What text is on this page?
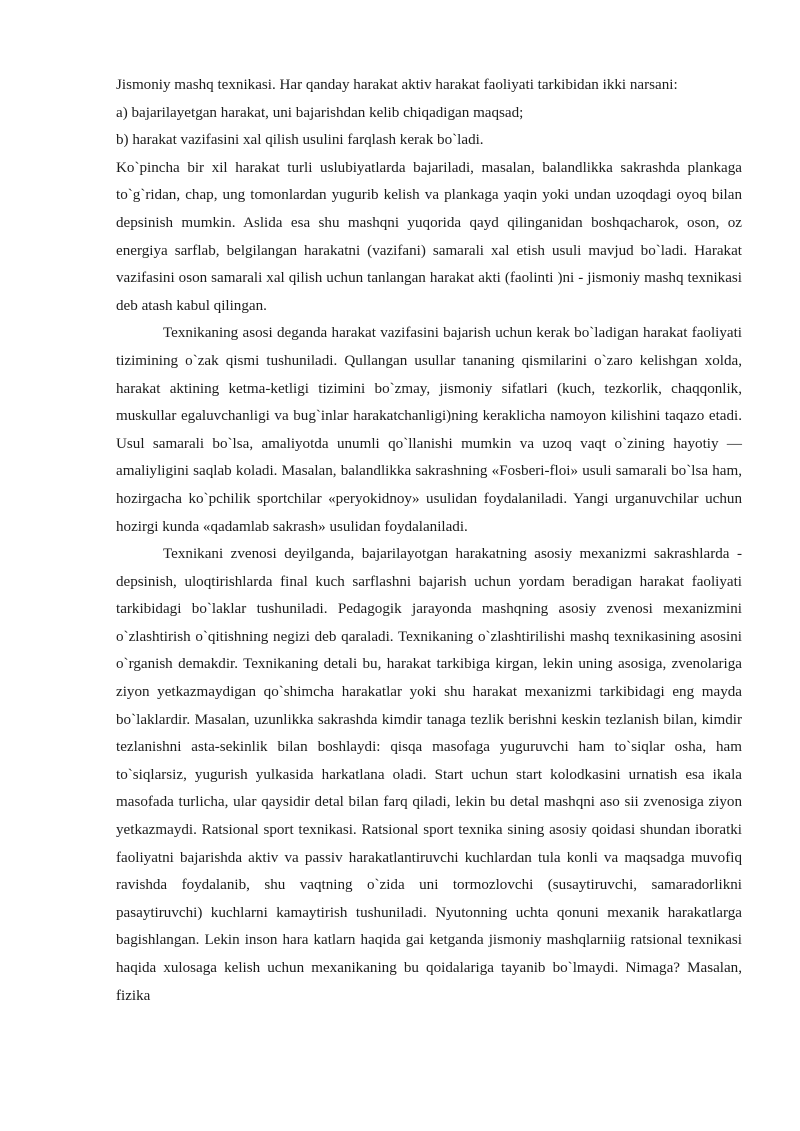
Jismoniy mashq texnikasi. Har qanday harakat aktiv harakat faoliyati tarkibidan ikki narsani:

a) bajarilayetgan harakat, uni bajarishdan kelib chiqadigan maqsad;

b) harakat vazifasini xal qilish usulini farqlash kerak bo`ladi.

Ko`pincha bir xil harakat turli uslubiyatlarda bajariladi, masalan, balandlikka sakrashda plankaga to`g`ridan, chap, ung tomonlardan yugurib kelish va plankaga yaqin yoki undan uzoqdagi oyoq bilan depsinish mumkin. Aslida esa shu mashqni yuqorida qayd qilinganidan boshqacharok, oson, oz energiya sarflab, belgilangan harakatni (vazifani) samarali xal etish usuli mavjud bo`ladi. Harakat vazifasini oson samarali xal qilish uchun tanlangan harakat akti (faolinti )ni - jismoniy mashq texnikasi deb atash kabul qilingan.

Texnikaning asosi deganda harakat vazifasini bajarish uchun kerak bo`ladigan harakat faoliyati tizimining o`zak qismi tushuniladi. Qullangan usullar tananing qismilarini o`zaro kelishgan xolda, harakat aktining ketma-ketligi tizimini bo`zmay, jismoniy sifatlari (kuch, tezkorlik, chaqqonlik, muskullar egaluvchanligi va bug`inlar harakatchanligi)ning keraklicha namoyon kilishini taqazo etadi. Usul samarali bo`lsa, amaliyotda unumli qo`llanishi mumkin va uzoq vaqt o`zining hayotiy — amaliyligini saqlab koladi. Masalan, balandlikka sakrashning «Fosberi-floi» usuli samarali bo`lsa ham, hozirgacha ko`pchilik sportchilar «peryokidnoy» usulidan foydalaniladi. Yangi urganuvchilar uchun hozirgi kunda «qadamlab sakrash» usulidan foydalaniladi.

Texnikani zvenosi deyilganda, bajarilayotgan harakatning asosiy mexanizmi sakrashlarda - depsinish, uloqtirishlarda final kuch sarflashni bajarish uchun yordam beradigan harakat faoliyati tarkibidagi bo`laklar tushuniladi. Pedagogik jarayonda mashqning asosiy zvenosi mexanizmini o`zlashtirish o`qitishning negizi deb qaraladi. Texnikaning o`zlashtirilishi mashq texnikasining asosini o`rganish demakdir. Texnikaning detali bu, harakat tarkibiga kirgan, lekin uning asosiga, zvenolariga ziyon yetkazmaydigan qo`shimcha harakatlar yoki shu harakat mexanizmi tarkibidagi eng mayda bo`laklardir. Masalan, uzunlikka sakrashda kimdir tanaga tezlik berishni keskin tezlanish bilan, kimdir tezlanishni asta-sekinlik bilan boshlaydi: qisqa masofaga yuguruvchi ham to`siqlar osha, ham to`siqlarsiz, yugurish yulkasida harkatlana oladi. Start uchun start kolodkasini urnatish esa ikala masofada turlicha, ular qaysidir detal bilan farq qiladi, lekin bu detal mashqni aso sii zvenosiga ziyon yetkazmaydi. Ratsional sport texnikasi. Ratsional sport texnika sining asosiy qoidasi shundan iboratki faoliyatni bajarishda aktiv va passiv harakatlantiruvchi kuchlardan tula konli va maqsadga muvofiq ravishda foydalanib, shu vaqtning o`zida uni tormozlovchi (susaytiruvchi, samaradorlikni pasaytiruvchi) kuchlarni kamaytirish tushuniladi. Nyutonning uchta qonuni mexanik harakatlarga bagishlangan. Lekin inson hara katlarn haqida gai ketganda jismoniy mashqlarniig ratsional texnikasi haqida xulosaga kelish uchun mexanikaning bu qoidalariga tayanib bo`lmaydi. Nimaga? Masalan, fizika
